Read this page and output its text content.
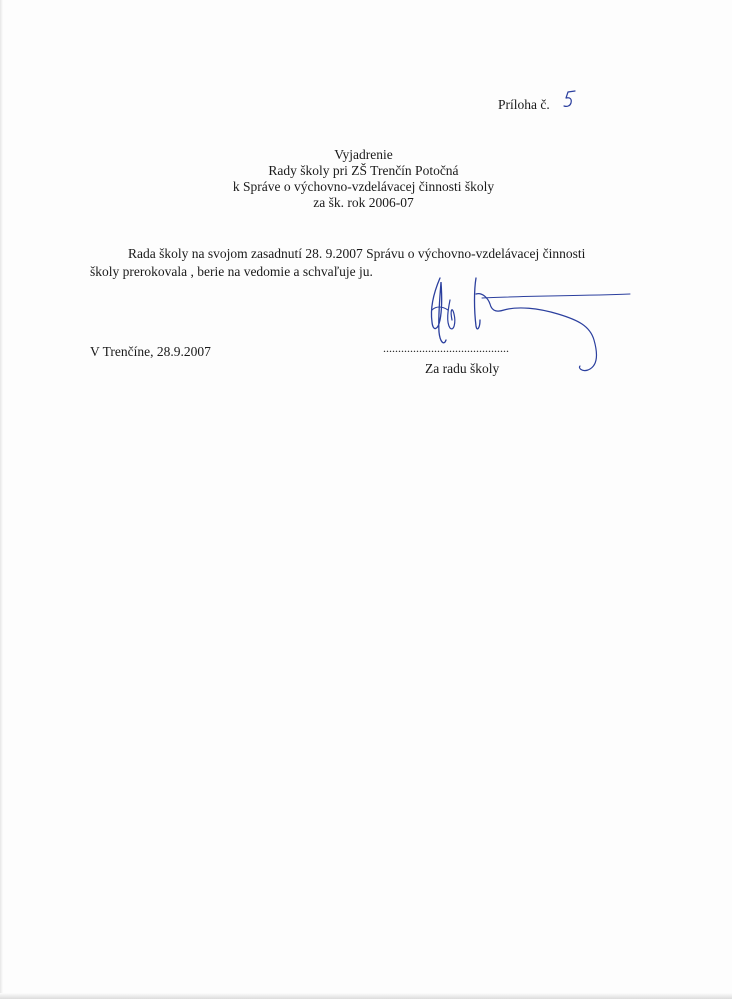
Príloha č.
Vyjadrenie
Rady školy pri ZŠ Trenčín Potočná
k Správe o výchovno-vzdelávacej činnosti školy
za šk. rok 2006-07
Rada školy na svojom zasadnutí 28. 9.2007 Správu o výchovno-vzdelávacej činnosti
školy prerokovala , berie na vedomie a schvaľuje ju.
V Trenčíne, 28.9.2007	..........................................
Za radu školy
